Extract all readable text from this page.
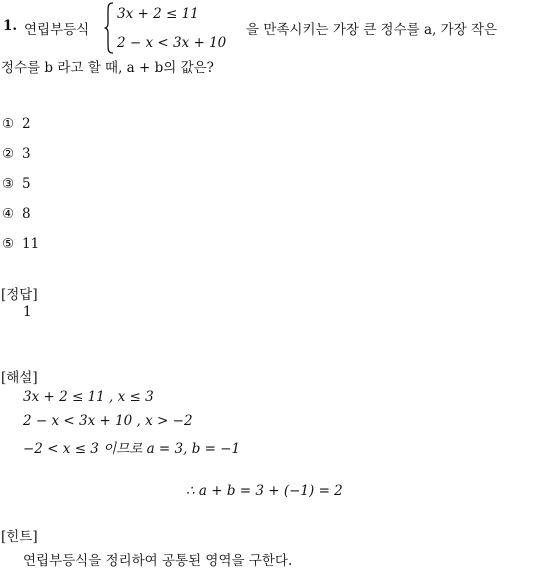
1. 연립부등식
3x + 2 ≤ 11
2 − x < 3x + 10
을 만족시키는 가장 큰 정수를 a, 가장 작은
정수를 b 라고 할 때, a + b의 값은?
① 2
② 3
③ 5
④ 8
⑤ 11
[정답]
1
[해설]
3x + 2 ≤ 11 , x ≤ 3
2 − x < 3x + 10 , x > −2
−2 < x ≤ 3 이므로 a = 3, b = −1
∴ a + b = 3 + (−1) = 2
[힌트]
연립부등식을 정리하여 공통된 영역을 구한다.
